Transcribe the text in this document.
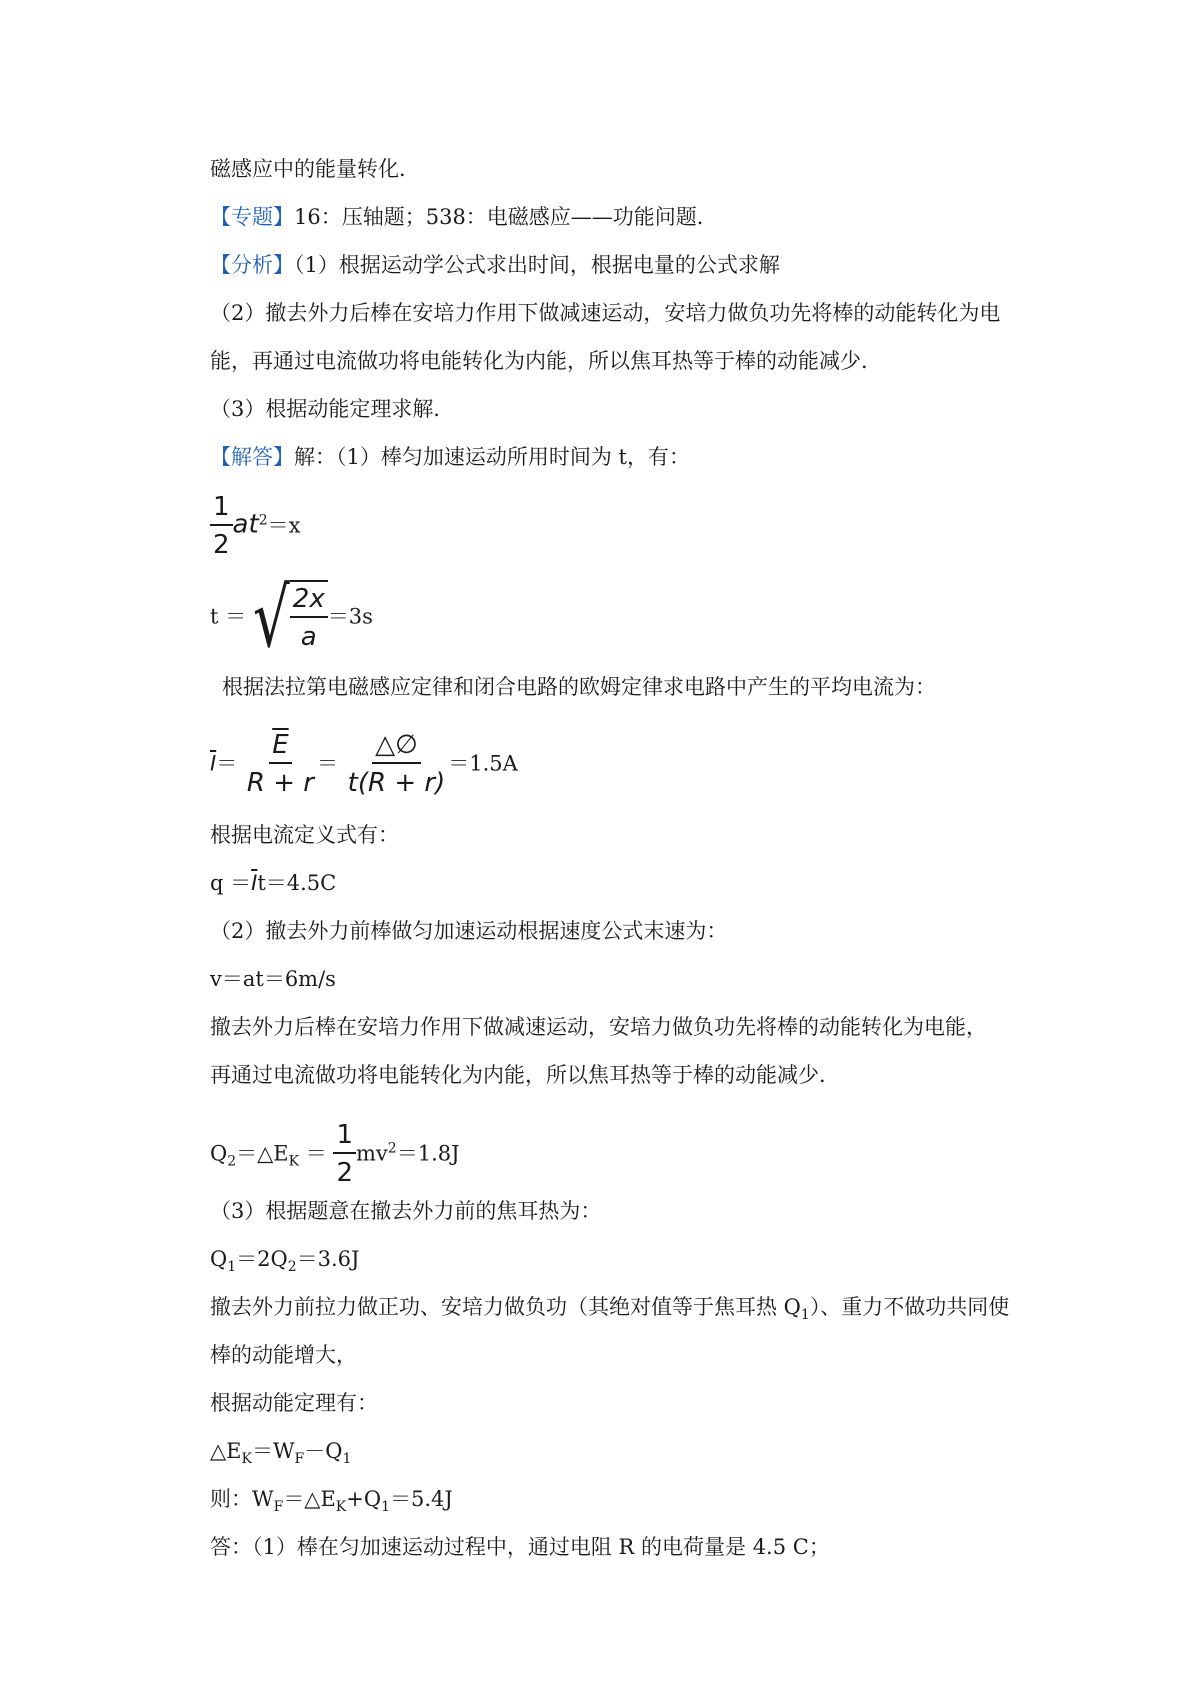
磁感应中的能量转化．
【专题】16：压轴题；538：电磁感应——功能问题．
【分析】（1）根据运动学公式求出时间，根据电量的公式求解
（2）撤去外力后棒在安培力作用下做减速运动，安培力做负功先将棒的动能转化为电
能，再通过电流做功将电能转化为内能，所以焦耳热等于棒的动能减少．
（3）根据动能定理求解．
【解答】解：（1）棒匀加速运动所用时间为 t，有：
$\frac{1}{2} at^2=x$
t ＝ √ $\frac{2x}{a} =3s$
根据法拉第电磁感应定律和闭合电路的欧姆定律求电路中产生的平均电流为：
$\overline{I}= \frac{\overline{E}}{R + r} = \frac{\triangle\emptyset}{t(R + r)} =1.5A$
根据电流定义式有：
$q =\overline{I}t=4.5C$
（2）撤去外力前棒做匀加速运动根据速度公式末速为：
v＝at＝6m/s
撤去外力后棒在安培力作用下做减速运动，安培力做负功先将棒的动能转化为电能，
再通过电流做功将电能转化为内能，所以焦耳热等于棒的动能减少．
$Q_2=\triangle E_K = \frac{1}{2} mv^2=1.8J$
（3）根据题意在撤去外力前的焦耳热为：
$Q_1=2Q_2=3.6J$
撤去外力前拉力做正功、安培力做负功（其绝对值等于焦耳热 $Q_1$）、重力不做功共同使
棒的动能增大，
根据动能定理有：
$\triangle E_K=W_F-Q_1$
则：$W_F=\triangle E_K+Q_1=5.4J$
答：（1）棒在匀加速运动过程中，通过电阻 R 的电荷量是 4.5 C；
